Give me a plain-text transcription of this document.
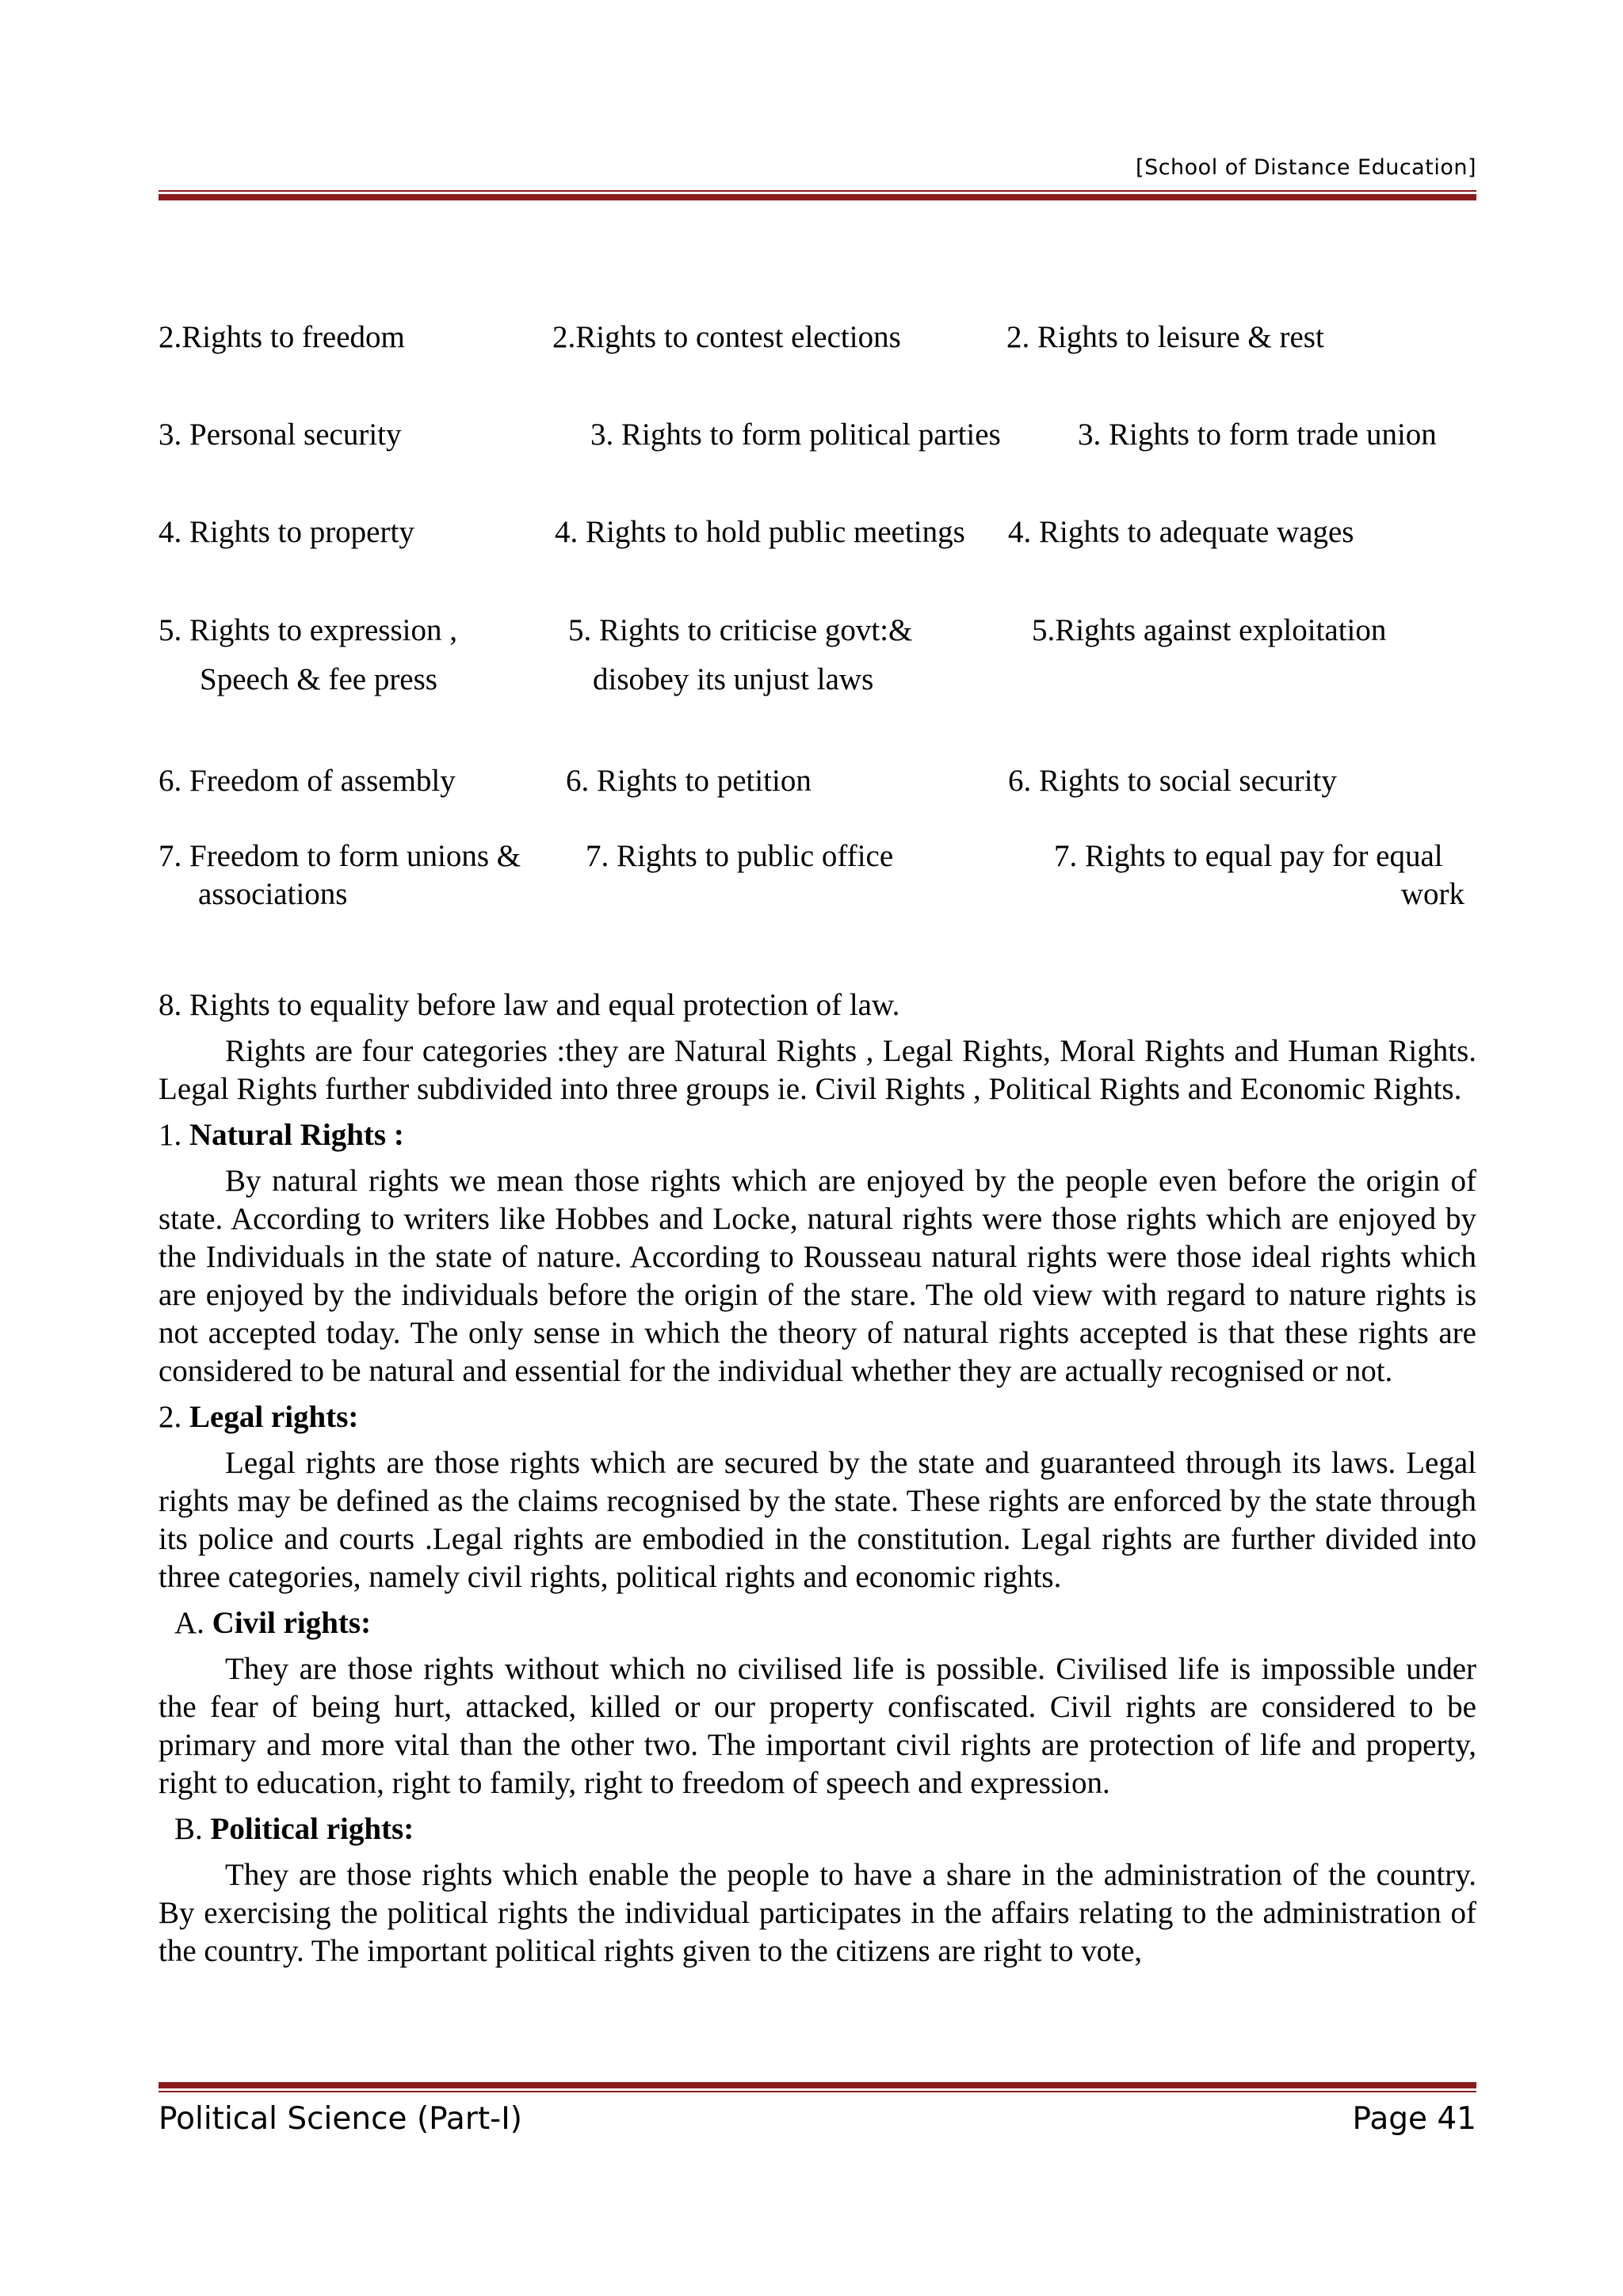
[School of Distance Education]
2.Rights to freedom	2.Rights to contest elections	2. Rights to leisure & rest
3. Personal security	3. Rights to form political parties 3. Rights to form trade union
4. Rights to property	4. Rights to hold public meetings 4. Rights to adequate wages
5. Rights to expression ,	5. Rights to criticise govt:&	5.Rights against exploitation
Speech & fee press	disobey its unjust laws
6. Freedom of assembly	6. Rights to petition	6. Rights to social security
7. Freedom to form unions & 7. Rights to public office	7. Rights to equal pay for equal
associations	work

8. Rights to equality before law and equal protection of law.

Rights are four categories :they are Natural Rights , Legal Rights, Moral Rights and Human Rights. Legal Rights further subdivided into three groups ie. Civil Rights , Political Rights and Economic Rights.

1. Natural Rights :

By natural rights we mean those rights which are enjoyed by the people even before the origin of state. According to writers like Hobbes and Locke, natural rights were those rights which are enjoyed by the Individuals in the state of nature. According to Rousseau natural rights were those ideal rights which are enjoyed by the individuals before the origin of the stare. The old view with regard to nature rights is not accepted today. The only sense in which the theory of natural rights accepted is that these rights are considered to be natural and essential for the individual whether they are actually recognised or not.

2. Legal rights:

Legal rights are those rights which are secured by the state and guaranteed through its laws. Legal rights may be defined as the claims recognised by the state. These rights are enforced by the state through its police and courts .Legal rights are embodied in the constitution. Legal rights are further divided into three categories, namely civil rights, political rights and economic rights.

A. Civil rights:

They are those rights without which no civilised life is possible. Civilised life is impossible under the fear of being hurt, attacked, killed or our property confiscated. Civil rights are considered to be primary and more vital than the other two. The important civil rights are protection of life and property, right to education, right to family, right to freedom of speech and expression.

B. Political rights:

They are those rights which enable the people to have a share in the administration of the country. By exercising the political rights the individual participates in the affairs relating to the administration of the country. The important political rights given to the citizens are right to vote,

Political Science (Part-I)	Page 41
